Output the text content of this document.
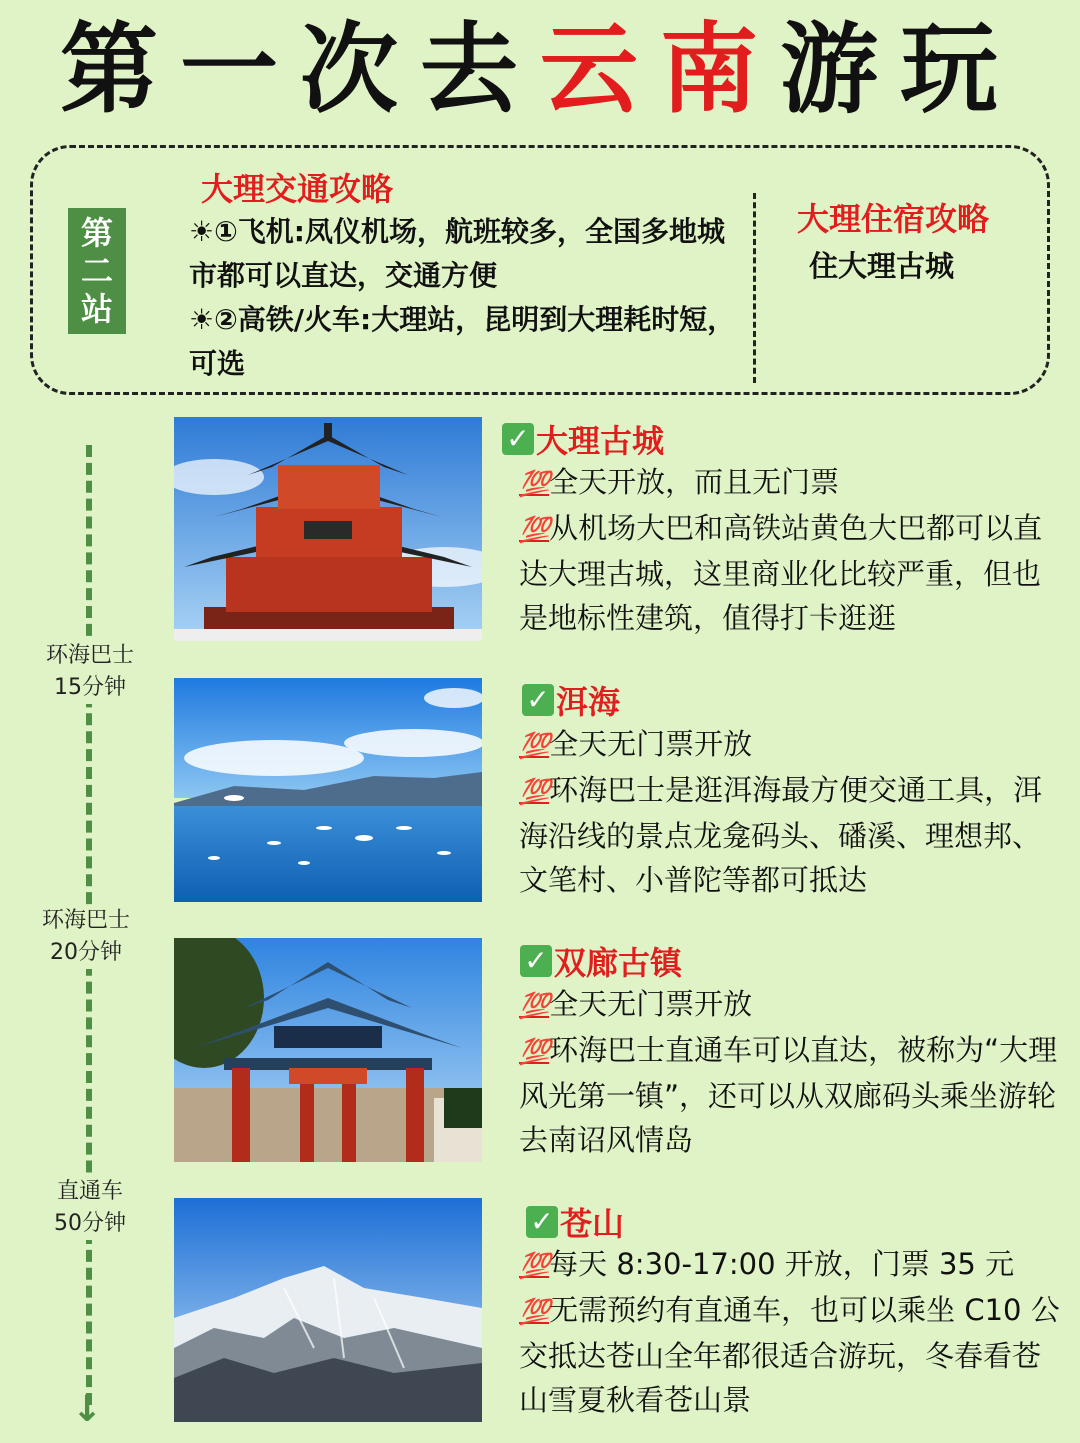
第一次去云南游玩
第
二
站
大理交通攻略
☀①飞机:凤仪机场，航班较多，全国多地城市都可以直达，交通方便
☀②高铁/火车:大理站，昆明到大理耗时短，可选
大理住宿攻略
住大理古城
↓
环海巴士
15分钟
环海巴士
20分钟
直通车
50分钟
✓ 大理古城
💯全天开放，而且无门票
💯从机场大巴和高铁站黄色大巴都可以直达大理古城，这里商业化比较严重，但也是地标性建筑，值得打卡逛逛
✓ 洱海
💯全天无门票开放
💯环海巴士是逛洱海最方便交通工具，洱海沿线的景点龙龛码头、磻溪、理想邦、文笔村、小普陀等都可抵达
✓ 双廊古镇
💯全天无门票开放
💯环海巴士直通车可以直达，被称为“大理风光第一镇”，还可以从双廊码头乘坐游轮去南诏风情岛
✓ 苍山
💯每天 8:30-17:00 开放，门票 35 元
💯无需预约有直通车，也可以乘坐 C10 公交抵达苍山全年都很适合游玩，冬春看苍山雪夏秋看苍山景
